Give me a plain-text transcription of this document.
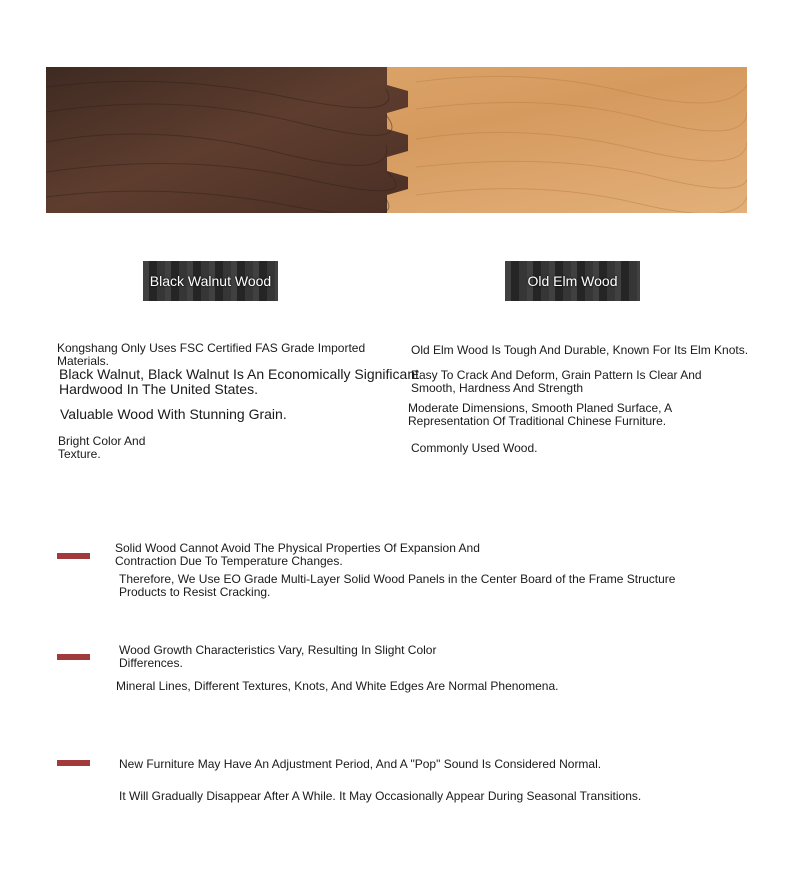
Black Walnut Wood	Old Elm Wood
Kongshang Only Uses FSC Certified FAS Grade Imported Materials.
Black Walnut, Black Walnut Is An Economically Significant
Hardwood In The United States.
Valuable Wood With Stunning Grain.
Bright Color And
Texture.
Old Elm Wood Is Tough And Durable, Known For Its Elm Knots.
Easy To Crack And Deform, Grain Pattern Is Clear And
Smooth, Hardness And Strength
Moderate Dimensions, Smooth Planed Surface, A
Representation Of Traditional Chinese Furniture.
Commonly Used Wood.
Solid Wood Cannot Avoid The Physical Properties Of Expansion And
Contraction Due To Temperature Changes.
Therefore, We Use EO Grade Multi-Layer Solid Wood Panels in the Center Board of the Frame Structure
Products to Resist Cracking.
Wood Growth Characteristics Vary, Resulting In Slight Color
Differences.
Mineral Lines, Different Textures, Knots, And White Edges Are Normal Phenomena.
New Furniture May Have An Adjustment Period, And A "Pop" Sound Is Considered Normal.
It Will Gradually Disappear After A While. It May Occasionally Appear During Seasonal Transitions.
